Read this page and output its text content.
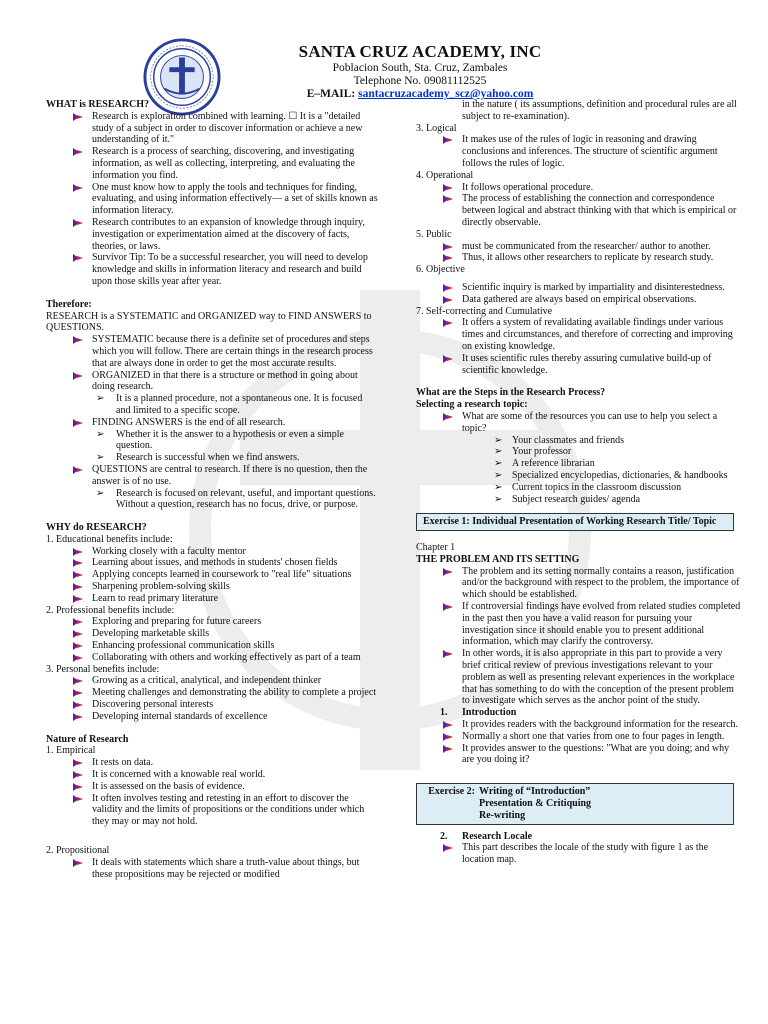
SANTA CRUZ ACADEMY, INC
Poblacion South, Sta. Cruz, Zambales
Telephone No. 09081112525
E–MAIL: santacruzacademy_scz@yahoo.com
WHAT is RESEARCH?
Research is exploration combined with learning. ☐ It is a "detailed study of a subject in order to discover information or achieve a new understanding of it."
Research is a process of searching, discovering, and investigating information, as well as collecting, interpreting, and evaluating the information you find.
One must know how to apply the tools and techniques for finding, evaluating, and using information effectively— a set of skills known as information literacy.
Research contributes to an expansion of knowledge through inquiry, investigation or experimentation aimed at the discovery of facts, theories, or laws.
Survivor Tip: To be a successful researcher, you will need to develop knowledge and skills in information literacy and research and build upon those skills year after year.
Therefore:
RESEARCH is a SYSTEMATIC and ORGANIZED way to FIND ANSWERS to QUESTIONS.
SYSTEMATIC because there is a definite set of procedures and steps which you will follow. There are certain things in the research process that are always done in order to get the most accurate results.
ORGANIZED in that there is a structure or method in going about doing research.
➢ It is a planned procedure, not a spontaneous one. It is focused and limited to a specific scope.
FINDING ANSWERS is the end of all research.
➢ Whether it is the answer to a hypothesis or even a simple question.
➢ Research is successful when we find answers.
QUESTIONS are central to research. If there is no question, then the answer is of no use.
➢ Research is focused on relevant, useful, and important questions. Without a question, research has no focus, drive, or purpose.
WHY do RESEARCH?
1. Educational benefits include:
Working closely with a faculty mentor
Learning about issues, and methods in students' chosen fields
Applying concepts learned in coursework to "real life" situations
Sharpening problem-solving skills
Learn to read primary literature
2. Professional benefits include:
Exploring and preparing for future careers
Developing marketable skills
Enhancing professional communication skills
Collaborating with others and working effectively as part of a team
3. Personal benefits include:
Growing as a critical, analytical, and independent thinker
Meeting challenges and demonstrating the ability to complete a project
Discovering personal interests
Developing internal standards of excellence
Nature of Research
1. Empirical
It rests on data.
It is concerned with a knowable real world.
It is assessed on the basis of evidence.
It often involves testing and retesting in an effort to discover the validity and the limits of propositions or the conditions under which they may or may not hold.
2. Propositional
It deals with statements which share a truth-value about things, but these propositions may be rejected or modified
in the nature ( its assumptions, definition and procedural rules are all subject to re-examination).
3. Logical
It makes use of the rules of logic in reasoning and drawing conclusions and inferences. The structure of scientific argument follows the rules of logic.
4. Operational
It follows operational procedure.
The process of establishing the connection and correspondence between logical and abstract thinking with that which is empirical or directly observable.
5. Public
must be communicated from the researcher/ author to another.
Thus, it allows other researchers to replicate by research study.
6. Objective
Scientific inquiry is marked by impartiality and disinterestedness.
Data gathered are always based on empirical observations.
7. Self-correcting and Cumulative
It offers a system of revalidating available findings under various times and circumstances, and therefore of correcting and improving on existing knowledge.
It uses scientific rules thereby assuring cumulative build-up of scientific knowledge.
What are the Steps in the Research Process?
Selecting a research topic:
What are some of the resources you can use to help you select a topic?
➢ Your classmates and friends
➢ Your professor
➢ A reference librarian
➢ Specialized encyclopedias, dictionaries, & handbooks
➢ Current topics in the classroom discussion
➢ Subject research guides/ agenda
Exercise 1: Individual Presentation of Working Research Title/ Topic
Chapter 1
THE PROBLEM AND ITS SETTING
The problem and its setting normally contains a reason, justification and/or the background with respect to the problem, the importance of which should be established.
If controversial findings have evolved from related studies completed in the past then you have a valid reason for pursuing your investigation since it should enable you to present additional information, which may clarify the controversy.
In other words, it is also appropriate in this part to provide a very brief critical review of previous investigations relevant to your problem as well as presenting relevant experiences in the workplace that has something to do with the conception of the present problem to investigate which serves as the anchor point of the study.
1. Introduction
It provides readers with the background information for the research.
Normally a short one that varies from one to four pages in length.
It provides answer to the questions: "What are you doing; and why are you doing it?
Exercise 2: Writing of “Introduction”
Presentation & Critiquing
Re-writing
2. Research Locale
This part describes the locale of the study with figure 1 as the location map.
